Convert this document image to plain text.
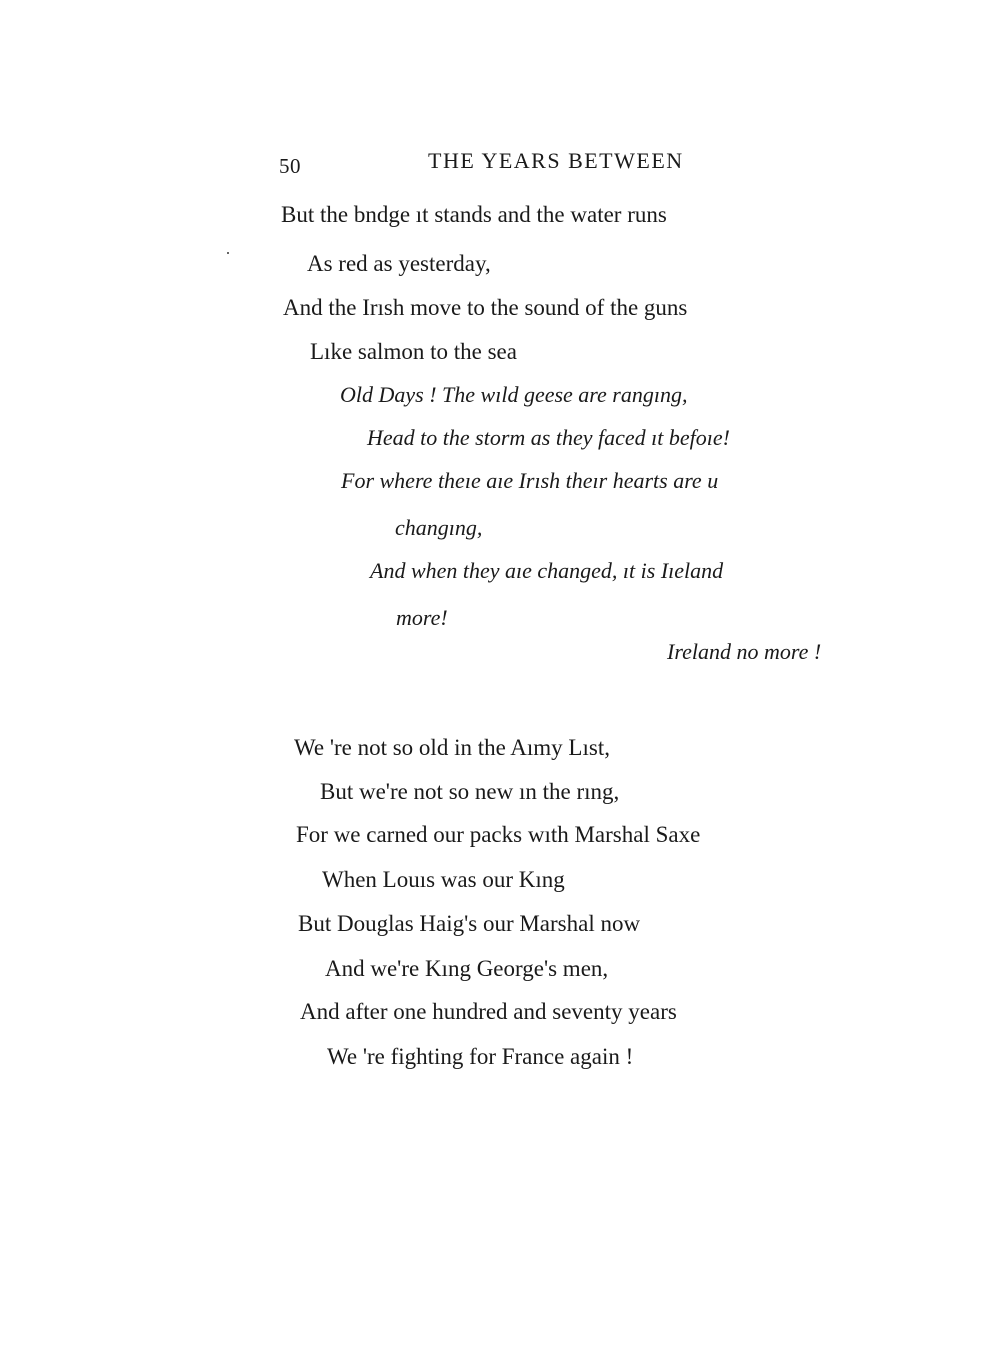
50	THE YEARS BETWEEN
But the bndge ıt stands and the water runs
As red as yesterday,
And the Irısh move to the sound of the guns
Lıke salmon to the sea
Old Days ! The wıld geese are rangıng,
Head to the storm as they faced ıt befoıe!
For where theıe aıe Irısh theır hearts are u
changıng,
And when they aıe changed, ıt is Iıeland
more!
Ireland no more !
We 're not so old in the Aımy Lıst,
But we're not so new ın the rıng,
For we carned our packs wıth Marshal Saxe
When Louıs was our Kıng
But Douglas Haig's our Marshal now
And we're Kıng George's men,
And after one hundred and seventy years
We 're fighting for France again !
